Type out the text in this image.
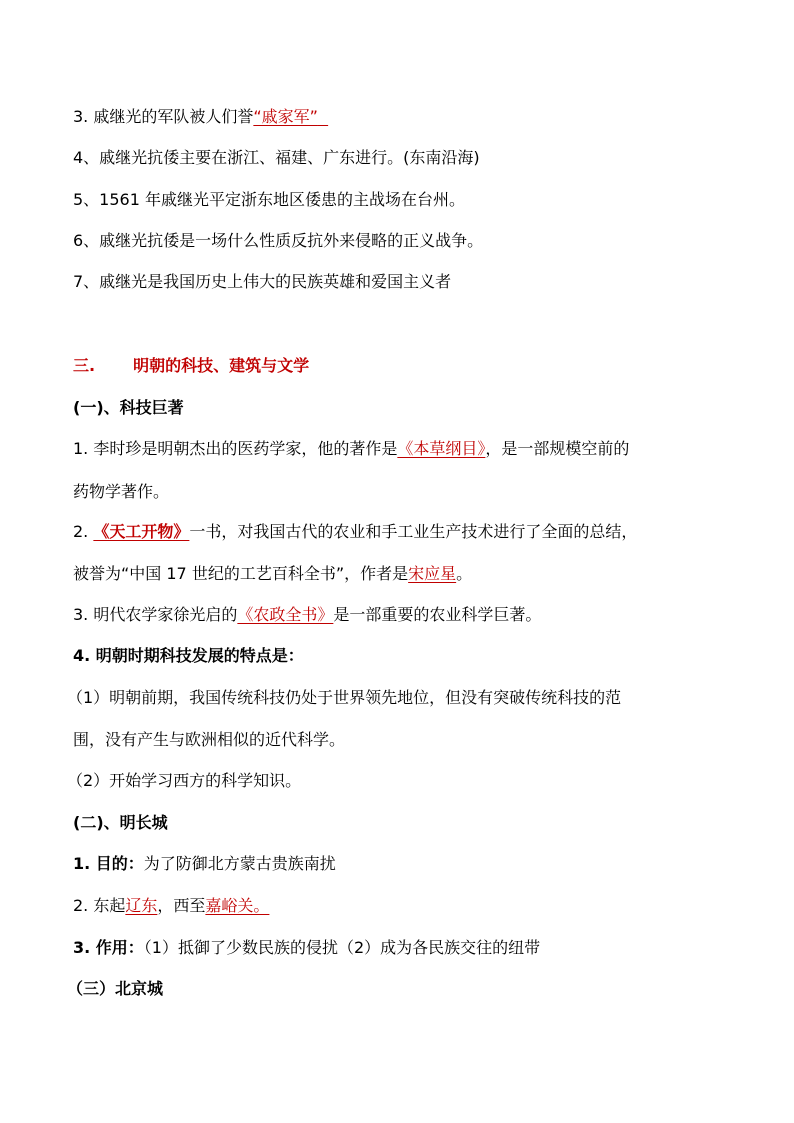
3. 戚继光的军队被人们誉“戚家军”
4、戚继光抗倭主要在浙江、福建、广东进行。(东南沿海)
5、1561 年戚继光平定浙东地区倭患的主战场在台州。
6、戚继光抗倭是一场什么性质反抗外来侵略的正义战争。
7、戚继光是我国历史上伟大的民族英雄和爱国主义者
三. 明朝的科技、建筑与文学
(一)、科技巨著
1. 李时珍是明朝杰出的医药学家，他的著作是《本草纲目》，是一部规模空前的
药物学著作。
2. 《天工开物》一书，对我国古代的农业和手工业生产技术进行了全面的总结，
被誉为“中国 17 世纪的工艺百科全书”，作者是宋应星。
3. 明代农学家徐光启的《农政全书》是一部重要的农业科学巨著。
4. 明朝时期科技发展的特点是：
（1）明朝前期，我国传统科技仍处于世界领先地位，但没有突破传统科技的范
围，没有产生与欧洲相似的近代科学。
（2）开始学习西方的科学知识。
(二)、明长城
1. 目的：为了防御北方蒙古贵族南扰
2. 东起辽东，西至嘉峪关。
3. 作用：（1）抵御了少数民族的侵扰（2）成为各民族交往的纽带
（三）北京城
